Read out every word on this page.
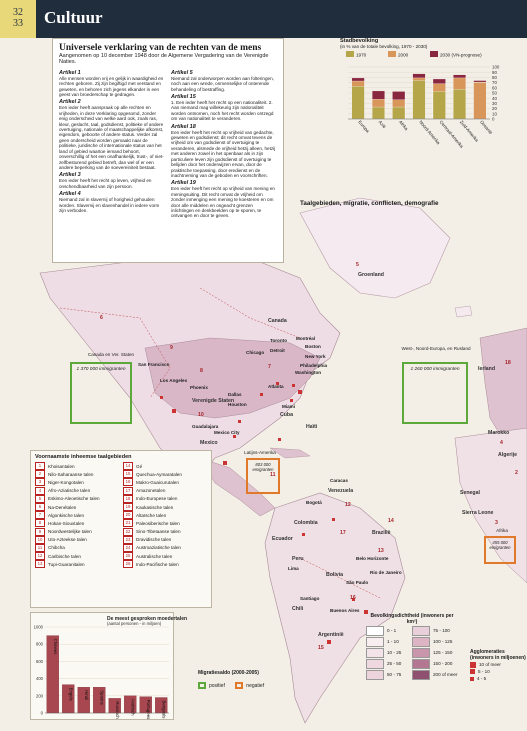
32
33	Cultuur
Canada
Verenigde Staten
Mexico
Venezuela
Colombia
Peru
Brazilië
Bolivia
Argentinië
Chili
Ecuador
Cuba
Haïti
Marokko
Algerije
Sierra Leone
Senegal
Ierland
Groenland
Toronto Montréal
Chicago Detroit
Boston
New York
Philadelphia
Washington
Los Angeles
San Francisco
Phoenix
Dallas
Houston
Atlanta
Miami
Mexico City
Guadalajara
Bogotá
Lima
Belo Horizonte
São Paulo
Rio de Janeiro
Santiago
Buenos Aires
Caracas
5
6
7
8
9
10
11
12
13
14
15
16
17
18
2
3
4
Taalgebieden, migratie, conflicten, demografie
Canada en Ver. Staten
1 370 000 immigranten
West-, Noord-Europa, en Rusland
1 260 000 immigranten
Latijns-Amerika
803 000 emigranten
Afrika
455 000 emigranten
Universele verklaring van de rechten van de mens
Aangenomen op 10 december 1948 door de Algemene Vergadering van de Verenigde Naties.
Artikel 1

Alle mensen worden vrij en gelijk in waardigheid en rechten geboren. Zij zijn begiftigd met verstand en geweten, en behoren zich jegens elkander in een geest van broederschap te gedragen.

Artikel 2

Een ieder heeft aanspraak op alle rechten en vrijheden, in deze Verklaring opgesomd, zonder enig onderscheid van welke aard ook, zoals ras, kleur, geslacht, taal, godsdienst, politieke of andere overtuiging, nationale of maatschappelijke afkomst, eigendom, geboorte of andere status. Verder zal geen onderscheid worden gemaakt naar de politieke, juridische of internationale status van het land of gebied waartoe iemand behoort, onverschillig of het een onafhankelijk, trust-, of niet-zelfbesturend gebied betreft, dan wel of er een andere beperking van de soevereiniteit bestaat.

Artikel 3

Een ieder heeft het recht op leven, vrijheid en onschendbaarheid van zijn persoon.

Artikel 4

Niemand zal in slavernij of horigheid gehouden worden. Slavernij en slavenhandel in iedere vorm zijn verboden.

Artikel 5

Niemand zal onderworpen worden aan folteringen, noch aan een wrede, onmenselijke of onterende behandeling of bestraffing.

Artikel 15

1. Een ieder heeft het recht op een nationaliteit. 2. Aan niemand mag willekeurig zijn nationaliteit worden ontnomen, noch het recht worden ontzegd om van nationaliteit te veranderen.

Artikel 18

Een ieder heeft het recht op vrijheid van gedachte, geweten en godsdienst; dit recht omvat tevens de vrijheid om van godsdienst of overtuiging te veranderen, alsmede de vrijheid hetzij alleen, hetzij met anderen zowel in het openbaar als in zijn particuliere leven zijn godsdienst of overtuiging te belijden door het onderwijzen ervan, door de praktische toepassing, door eredienst en de inachtneming van de geboden en voorschriften.

Artikel 19

Een ieder heeft het recht op vrijheid van mening en meningsuiting. Dit recht omvat de vrijheid om zonder inmenging een mening te koesteren en om door alle middelen en ongeacht grenzen inlichtingen en denkbeelden op te sporen, te ontvangen en door te geven.

Stadbevolking
(in % van de totale bevolking, 1970 - 2030)
1970	2000	2030 (VN-prognose)
0
10
20
30
40
50
60
70
80
90
100
Europa Azië Afrika Noord-Amerika
Centraal-Amerika
Zuid-Amerika Oceanië
Voornaamste inheemse taalgebieden
1	Khoisantalen
2	Nilo-Saharaanse talen
3	Niger-Kongotalen
4	Afro-Aziatische talen
5	Eskimo-Aleoetische talen
6	Na-Denétalen
7	Algonkische talen
8	Hokan-Siouxtalen
9	Noordwestelijke talen
10	Uto-Azteekse talen
11	Chibcha
12	Caribische talen
13	Tupi-Guaranitalen
14	Gé
15	Quechua-Aymaratalen
16	Makro-Guaicurutalen
17	Amazonetalen
18	Indo-Europese talen
19	Kaukasische talen
20	Altaïsche talen
21	Paleosiberische talen
22	Sino-Tibetaanse talen
23	Dravidische talen
24	Austroaziatische talen
25	Australische talen
26	Indo-Pacifische talen
De meest gesproken moedertalen
(aantal personen - in miljoen)
0
200
400
600
800
1000
Chinees
Engels Hindi Spaans
Russisch Arabisch Portugees Bengaals
Migratiesaldo (2000-2005)
positief
	negatief
Bevolkingsdichtheid (inwoners per km²)
0 - 1	75 - 100
1 - 10	100 - 125
10 - 25	125 - 150
25 - 50	150 - 200
50 - 75	200 of meer
Agglomeraties (inwoners in miljoenen)
10 of meer
5 - 10
4 - 5
